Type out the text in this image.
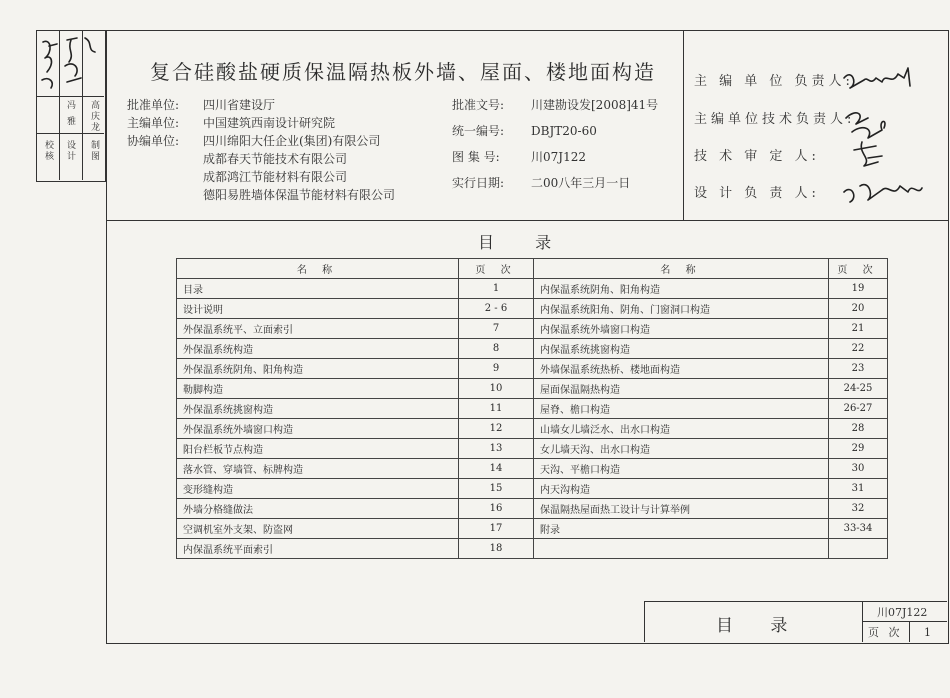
校核 设计 制图
冯 雅 高庆龙
复合硅酸盐硬质保温隔热板外墙、屋面、楼地面构造
批准单位: 四川省建设厅
主编单位: 中国建筑西南设计研究院
协编单位: 四川绵阳大任企业(集团)有限公司
成都春天节能技术有限公司
成都鸿江节能材料有限公司
德阳易胜墙体保温节能材料有限公司
批准文号: 川建勘设发[2008]41号
统一编号: DBJT20-60
图 集 号:	川07J122
实行日期: 二00八年三月一日
主 编 单 位 负责人:
主编单位技术负责人:
技 术 审 定 人:
设 计 负 责 人:
目 录
名 称	页 次	名 称	页 次
目录	1	内保温系统阴角、阳角构造	19
设计说明	2 - 6	内保温系统阳角、阴角、门窗洞口构造	20
外保温系统平、立面索引	7	内保温系统外墙窗口构造	21
外保温系统构造	8	内保温系统挑窗构造	22
外保温系统阴角、阳角构造	9	外墙保温系统热桥、楼地面构造	23
勒脚构造	10	屋面保温隔热构造	24-25
外保温系统挑窗构造	11	屋脊、檐口构造	26-27
外保温系统外墙窗口构造	12	山墙女儿墙泛水、出水口构造	28
阳台栏板节点构造	13	女儿墙天沟、出水口构造	29
落水管、穿墙管、标牌构造	14	天沟、平檐口构造	30
变形缝构造	15	内天沟构造	31
外墙分格缝做法	16	保温隔热屋面热工设计与计算举例	32
空调机室外支架、防盗网	17	附录	33-34
内保温系统平面索引	18		
目 录
川07J122
页 次 1
